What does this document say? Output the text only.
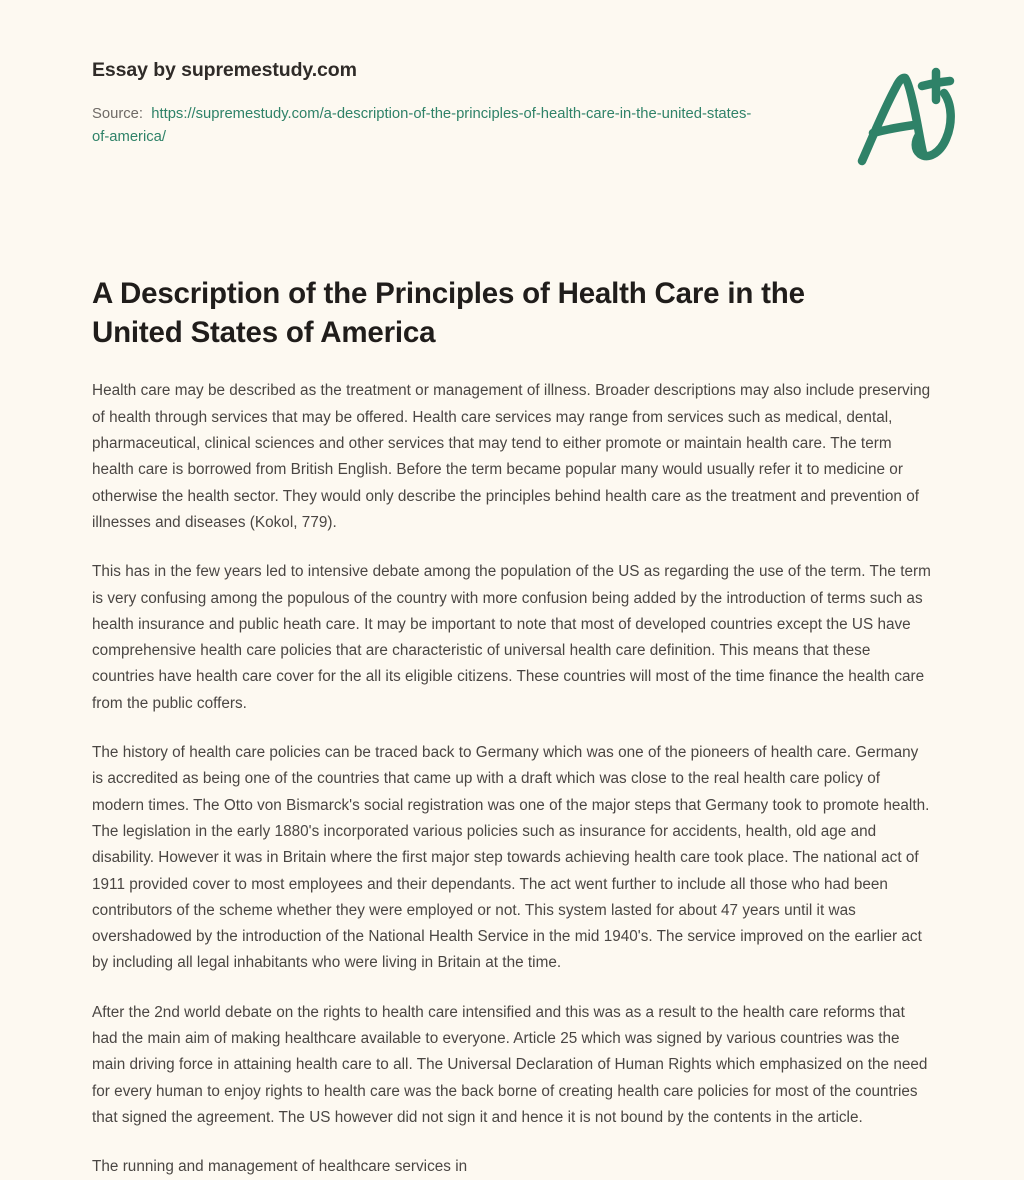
Essay by supremestudy.com
Source: https://supremestudy.com/a-description-of-the-principles-of-health-care-in-the-united-states-of-america/
A Description of the Principles of Health Care in the United States of America

Health care may be described as the treatment or management of illness. Broader descriptions may also include preserving of health through services that may be offered. Health care services may range from services such as medical, dental, pharmaceutical, clinical sciences and other services that may tend to either promote or maintain health care. The term health care is borrowed from British English. Before the term became popular many would usually refer it to medicine or otherwise the health sector. They would only describe the principles behind health care as the treatment and prevention of illnesses and diseases (Kokol, 779).

This has in the few years led to intensive debate among the population of the US as regarding the use of the term. The term is very confusing among the populous of the country with more confusion being added by the introduction of terms such as health insurance and public heath care. It may be important to note that most of developed countries except the US have comprehensive health care policies that are characteristic of universal health care definition. This means that these countries have health care cover for the all its eligible citizens. These countries will most of the time finance the health care from the public coffers.

The history of health care policies can be traced back to Germany which was one of the pioneers of health care. Germany is accredited as being one of the countries that came up with a draft which was close to the real health care policy of modern times. The Otto von Bismarck's social registration was one of the major steps that Germany took to promote health. The legislation in the early 1880's incorporated various policies such as insurance for accidents, health, old age and disability. However it was in Britain where the first major step towards achieving health care took place. The national act of 1911 provided cover to most employees and their dependants. The act went further to include all those who had been contributors of the scheme whether they were employed or not. This system lasted for about 47 years until it was overshadowed by the introduction of the National Health Service in the mid 1940's. The service improved on the earlier act by including all legal inhabitants who were living in Britain at the time.

After the 2nd world debate on the rights to health care intensified and this was as a result to the health care reforms that had the main aim of making healthcare available to everyone. Article 25 which was signed by various countries was the main driving force in attaining health care to all. The Universal Declaration of Human Rights which emphasized on the need for every human to enjoy rights to health care was the back borne of creating health care policies for most of the countries that signed the agreement. The US however did not sign it and hence it is not bound by the contents in the article.

The running and management of healthcare services in
